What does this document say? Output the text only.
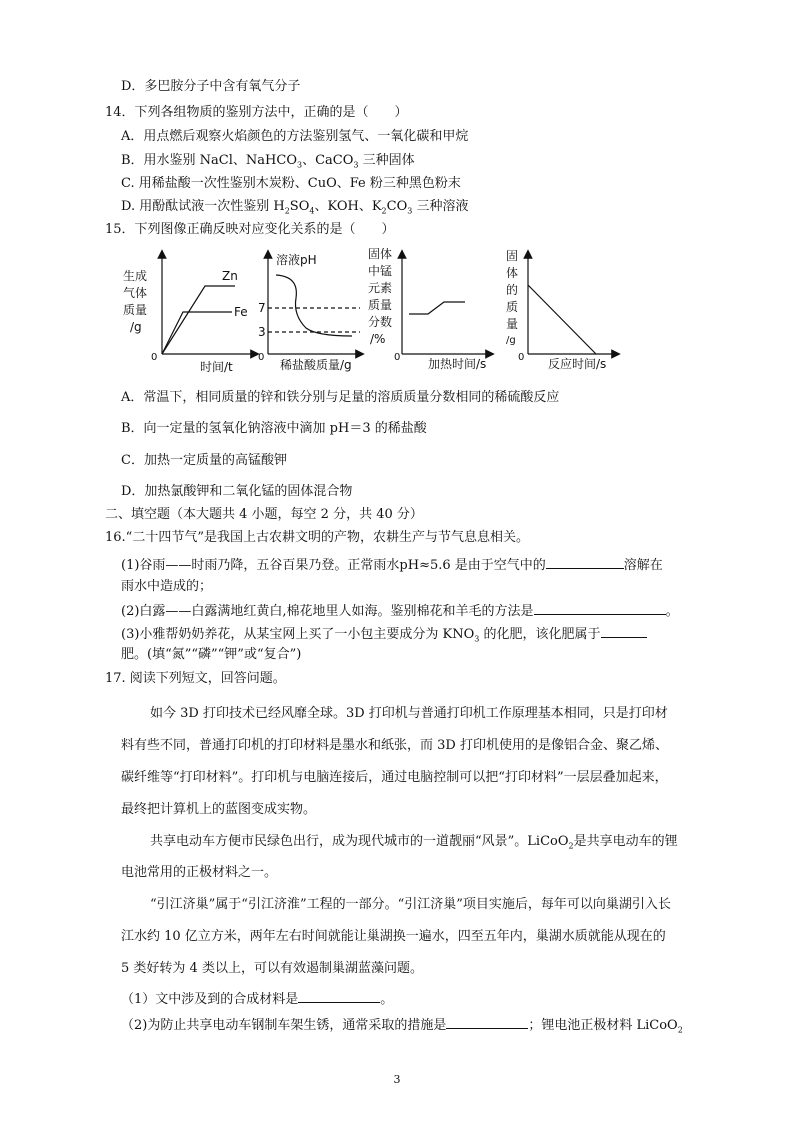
D．多巴胺分子中含有氧气分子
14．下列各组物质的鉴别方法中，正确的是（　　）
A．用点燃后观察火焰颜色的方法鉴别氢气、一氧化碳和甲烷
B．用水鉴别 NaCl、NaHCO$_3$、CaCO$_3$ 三种固体
C. 用稀盐酸一次性鉴别木炭粉、CuO、Fe 粉三种黑色粉末
D. 用酚酞试液一次性鉴别 $H_2SO_4$、KOH、$K_2CO_3$ 三种溶液
15．下列图像正确反映对应变化关系的是（　　）
生成
气体
质量
/g
0
时间/t
Zn
Fe
溶液pH
7
3
0
稀盐酸质量/g
固体
中锰
元素
质量
分数
/%
0 加热时间/s
固
体
的
质
量
/g
0 反应时间/s
A．常温下，相同质量的锌和铁分别与足量的溶质质量分数相同的稀硫酸反应
B．向一定量的氢氧化钠溶液中滴加 pH＝3 的稀盐酸
C．加热一定质量的高锰酸钾
D．加热氯酸钾和二氧化锰的固体混合物
二、填空题（本大题共 4 小题，每空 2 分，共 40 分）
16.“二十四节气”是我国上古农耕文明的产物，农耕生产与节气息息相关。
(1)谷雨——时雨乃降，五谷百果乃登。正常雨水pH≈5.6 是由于空气中的	溶解在
雨水中造成的；
(2)白露——白露满地红黄白,棉花地里人如海。鉴别棉花和羊毛的方法是	。
(3)小雅帮奶奶养花，从某宝网上买了一小包主要成分为 $KNO_3$ 的化肥，该化肥属于
肥。(填“氮”“磷”“钾”或“复合”)
17. 阅读下列短文，回答问题。
如今 3D 打印技术已经风靡全球。3D 打印机与普通打印机工作原理基本相同，只是打印材
料有些不同，普通打印机的打印材料是墨水和纸张，而 3D 打印机使用的是像铝合金、聚乙烯、
碳纤维等“打印材料”。打印机与电脑连接后，通过电脑控制可以把“打印材料”一层层叠加起来，
最终把计算机上的蓝图变成实物。
共享电动车方便市民绿色出行，成为现代城市的一道靓丽“风景”。LiCoO$_2$是共享电动车的锂
电池常用的正极材料之一。
“引江济巢”属于“引江济淮”工程的一部分。“引江济巢”项目实施后，每年可以向巢湖引入长
江水约 10 亿立方米，两年左右时间就能让巢湖换一遍水，四至五年内，巢湖水质就能从现在的
5 类好转为 4 类以上，可以有效遏制巢湖蓝藻问题。
（1）文中涉及到的合成材料是	。
（2)为防止共享电动车钢制车架生锈，通常采取的措施是	；锂电池正极材料 LiCoO$_2$
3
